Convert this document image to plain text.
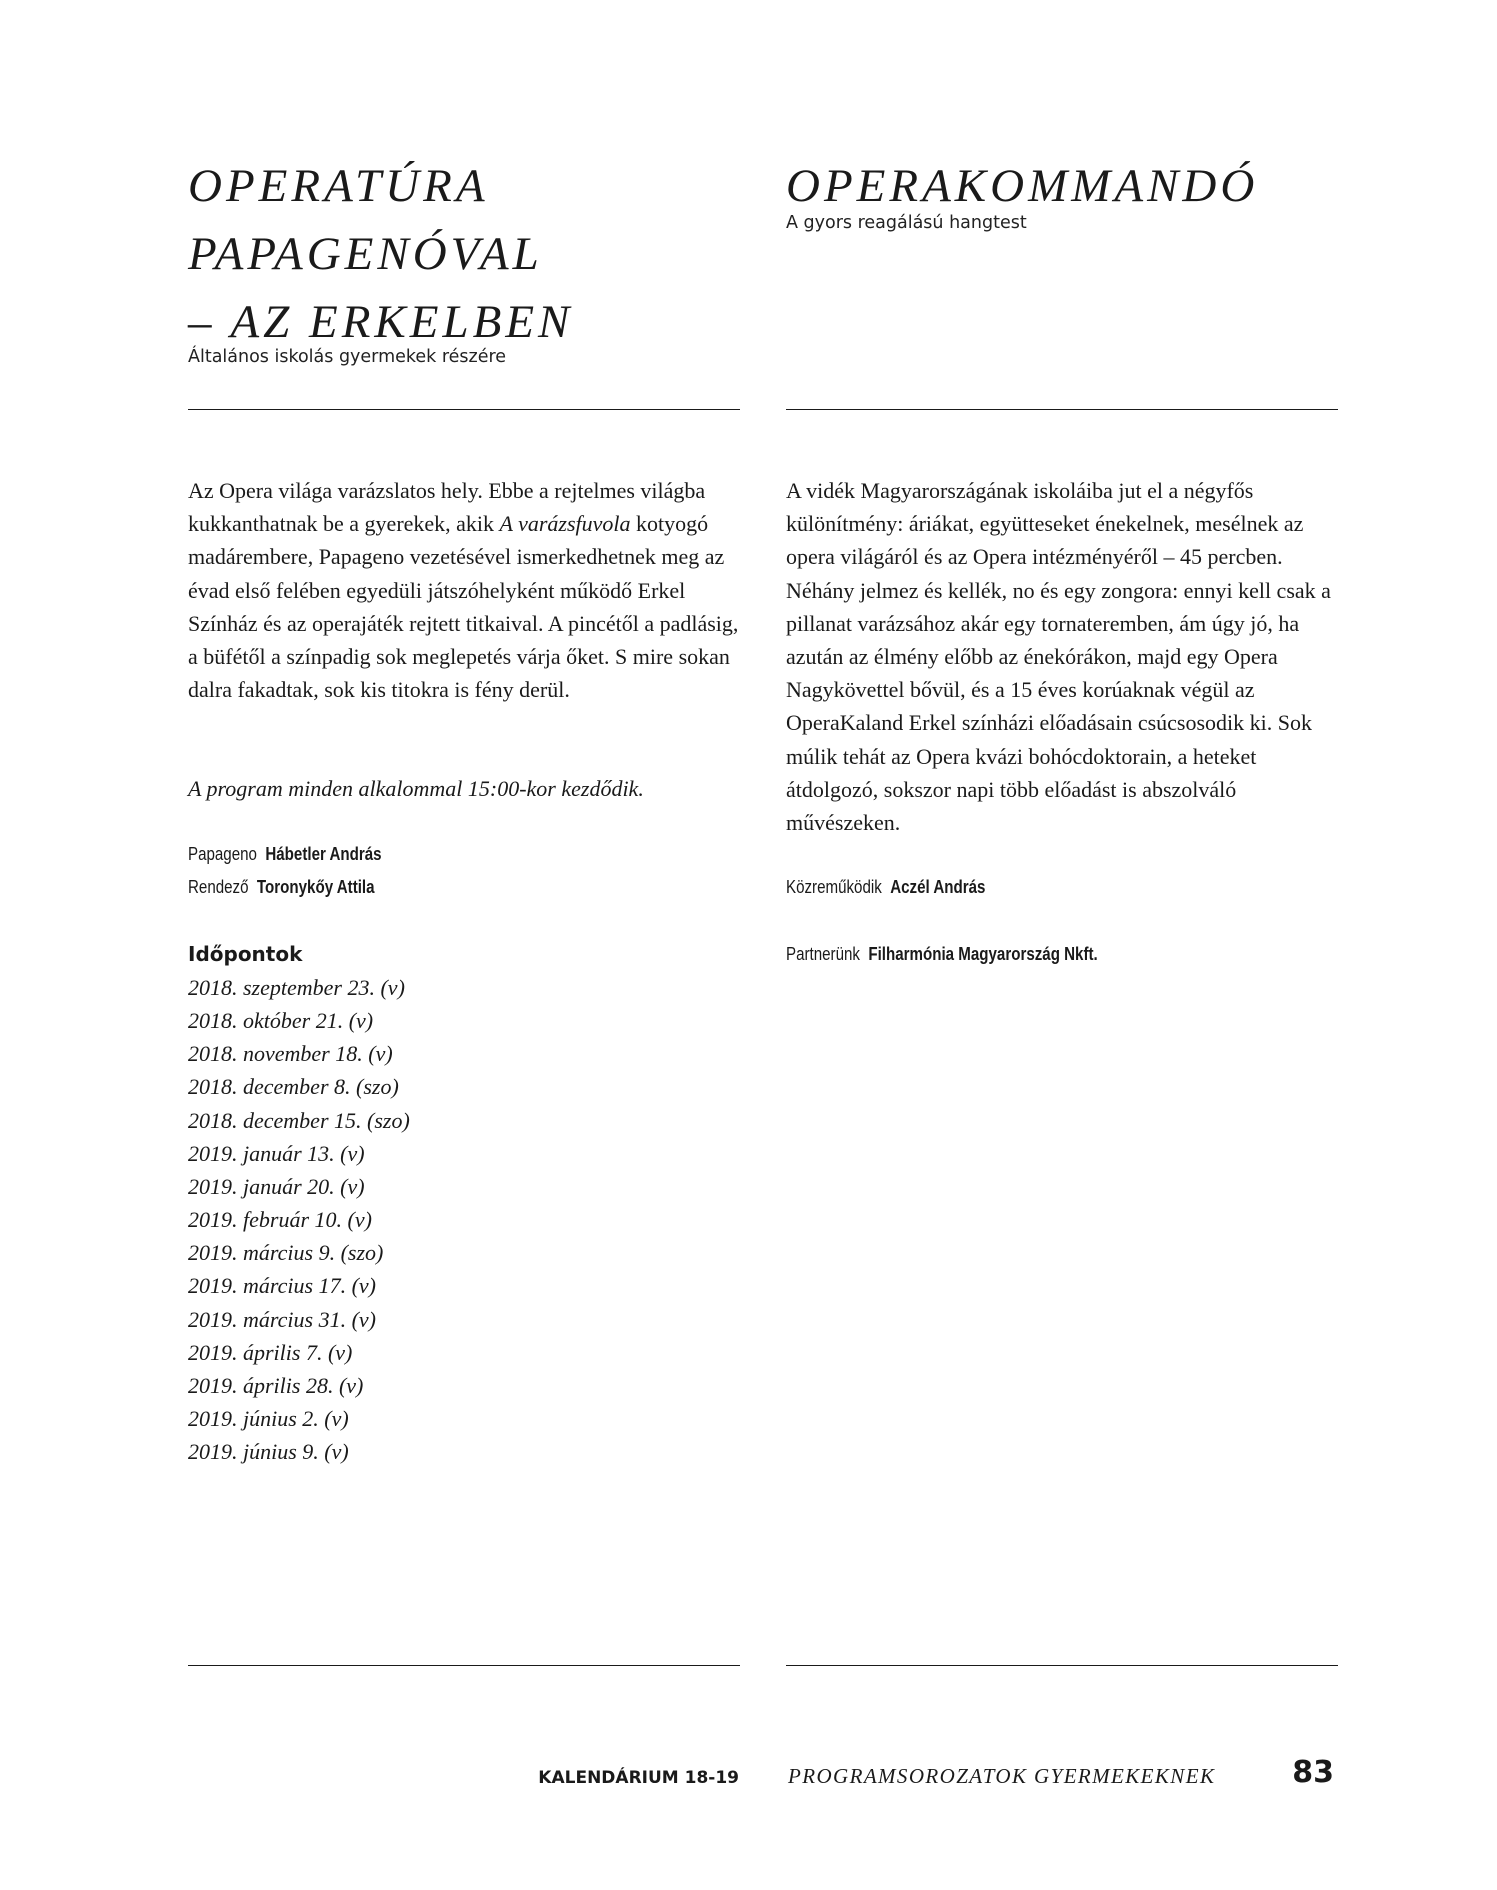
OPERATÚRA
PAPAGENÓVAL
– AZ ERKELBEN

Általános iskolás gyermekek részére

Az Opera világa varázslatos hely. Ebbe a rejtelmes világba kukkanthatnak be a gyerekek, akik A varázsfuvola kotyogó madárembere, Papageno vezetésével ismerkedhetnek meg az évad első felében egyedüli játszóhelyként működő Erkel Színház és az operajáték rejtett titkaival. A pincétől a padlásig, a büfétől a színpadig sok meglepetés várja őket. S mire sokan dalra fakadtak, sok kis titokra is fény derül.

A program minden alkalommal 15:00-kor kezdődik.

Papageno Hábetler András

Rendező Toronykőy Attila

Időpontok
2018. szeptember 23. (v)
2018. október 21. (v)
2018. november 18. (v)
2018. december 8. (szo)
2018. december 15. (szo)
2019. január 13. (v)
2019. január 20. (v)
2019. február 10. (v)
2019. március 9. (szo)
2019. március 17. (v)
2019. március 31. (v)
2019. április 7. (v)
2019. április 28. (v)
2019. június 2. (v)
2019. június 9. (v)
OPERAKOMMANDÓ

A gyors reagálású hangtest

A vidék Magyarországának iskoláiba jut el a négyfős különítmény: áriákat, együtteseket énekelnek, mesélnek az opera világáról és az Opera intézményéről – 45 percben. Néhány jelmez és kellék, no és egy zongora: ennyi kell csak a pillanat varázsához akár egy tornateremben, ám úgy jó, ha azután az élmény előbb az énekórákon, majd egy Opera Nagykövettel bővül, és a 15 éves korúaknak végül az OperaKaland Erkel színházi előadásain csúcsosodik ki. Sok múlik tehát az Opera kvázi bohócdoktorain, a heteket átdolgozó, sokszor napi több előadást is abszolváló művészeken.

Közreműködik Aczél András

Partnerünk Filharmónia Magyarország Nkft.

KALENDÁRIUM 18-19 PROGRAMSOROZATOK GYERMEKEKNEK	83
